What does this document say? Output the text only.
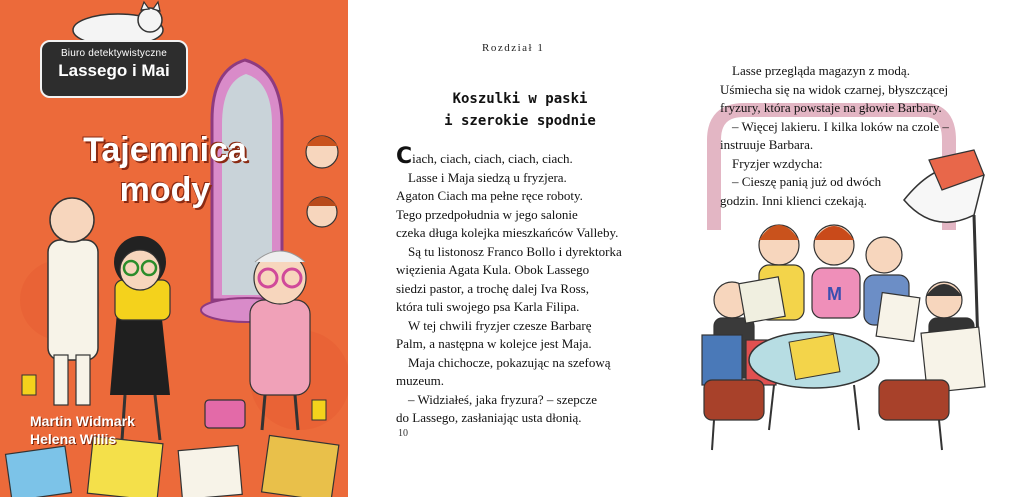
Biuro detektywistyczne
Lassego i Mai
Tajemnica
mody
Martin Widmark
Helena Willis
Rozdział 1
Koszulki w paski
i szerokie spodnie

Ciach, ciach, ciach, ciach, ciach.

Lasse i Maja siedzą u fryzjera.

Agaton Ciach ma pełne ręce roboty.

Tego przedpołudnia w jego salonie

czeka długa kolejka mieszkańców Valleby.

Są tu listonosz Franco Bollo i dyrektorka

więzienia Agata Kula. Obok Lassego

siedzi pastor, a trochę dalej Iva Ross,

która tuli swojego psa Karla Filipa.

W tej chwili fryzjer czesze Barbarę

Palm, a następna w kolejce jest Maja.

Maja chichocze, pokazując na szefową

muzeum.

– Widziałeś, jaka fryzura? – szepcze

do Lassego, zasłaniając usta dłonią.

10
M

Lasse przegląda magazyn z modą.

Uśmiecha się na widok czarnej, błyszczącej

fryzury, która powstaje na głowie Barbary.

– Więcej lakieru. I kilka loków na czole –

instruuje Barbara.

Fryzjer wzdycha:

– Cieszę panią już od dwóch

godzin. Inni klienci czekają.
